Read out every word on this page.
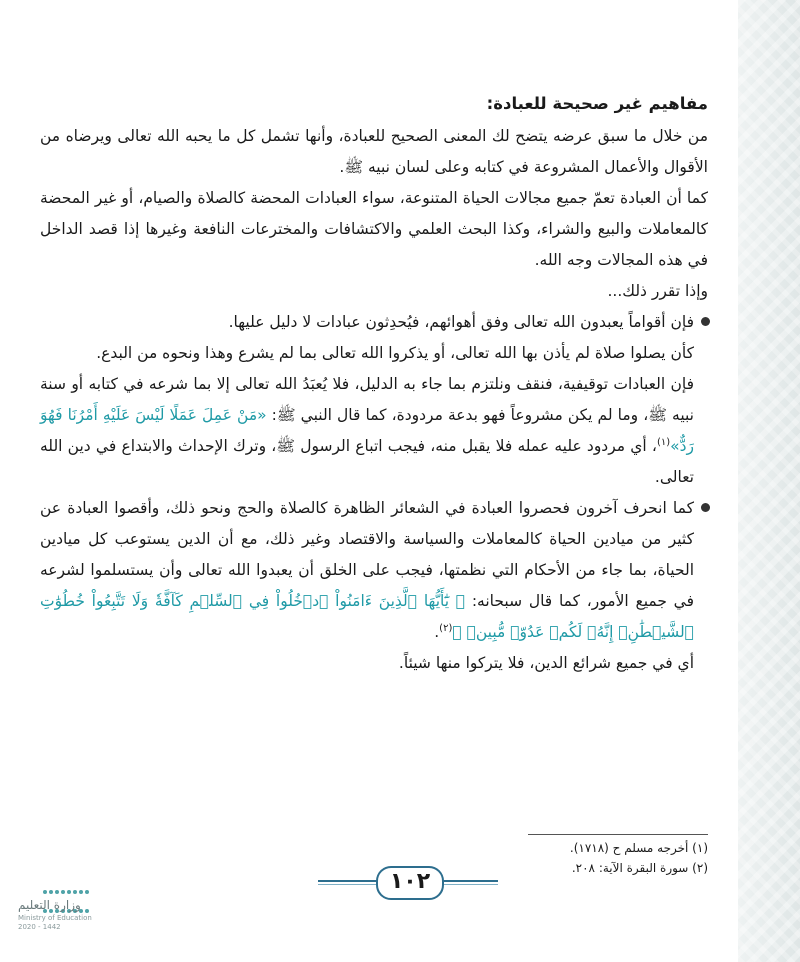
مفاهيم غير صحيحة للعبادة:

من خلال ما سبق عرضه يتضح لك المعنى الصحيح للعبادة، وأنها تشمل كل ما يحبه الله تعالى ويرضاه من الأقوال والأعمال المشروعة في كتابه وعلى لسان نبيه ﷺ.

كما أن العبادة تعمّ جميع مجالات الحياة المتنوعة، سواء العبادات المحضة كالصلاة والصيام، أو غير المحضة كالمعاملات والبيع والشراء، وكذا البحث العلمي والاكتشافات والمخترعات النافعة وغيرها إذا قصد الداخل في هذه المجالات وجه الله.

وإذا تقرر ذلك...

فإن أقواماً يعبدون الله تعالى وفق أهوائهم، فيُحدِثون عبادات لا دليل عليها.

كأن يصلوا صلاة لم يأذن بها الله تعالى، أو يذكروا الله تعالى بما لم يشرع وهذا ونحوه من البدع.

فإن العبادات توقيفية، فنقف ونلتزم بما جاء به الدليل، فلا يُعبَدُ الله تعالى إلا بما شرعه في كتابه أو سنة نبيه ﷺ، وما لم يكن مشروعاً فهو بدعة مردودة، كما قال النبي ﷺ: «مَنْ عَمِلَ عَمَلًا لَيْسَ عَلَيْهِ أَمْرُنَا فَهُوَ رَدٌّ»$^{(١)}$، أي مردود عليه عمله فلا يقبل منه، فيجب اتباع الرسول ﷺ، وترك الإحداث والابتداع في دين الله تعالى.

كما انحرف آخرون فحصروا العبادة في الشعائر الظاهرة كالصلاة والحج ونحو ذلك، وأقصوا العبادة عن كثير من ميادين الحياة كالمعاملات والسياسة والاقتصاد وغير ذلك، مع أن الدين يستوعب كل ميادين الحياة، بما جاء من الأحكام التي نظمتها، فيجب على الخلق أن يعبدوا الله تعالى وأن يستسلموا لشرعه في جميع الأمور، كما قال سبحانه: ﴿ يَٰٓأَيُّهَا ٱلَّذِينَ ءَامَنُواْ ٱدۡخُلُواْ فِي ٱلسِّلۡمِ كَآفَّةٗ وَلَا تَتَّبِعُواْ خُطُوَٰتِ ٱلشَّيۡطَٰنِۚ إِنَّهُۥ لَكُمۡ عَدُوّٞ مُّبِينٞ ﴾$^{(٢)}$.

أي في جميع شرائع الدين، فلا يتركوا منها شيئاً.

(١) أخرجه مسلم ح (١٧١٨).

(٢) سورة البقرة الآية: ٢٠٨.

١٠٢

وزارة التعليم
Ministry of Education
2020 - 1442
